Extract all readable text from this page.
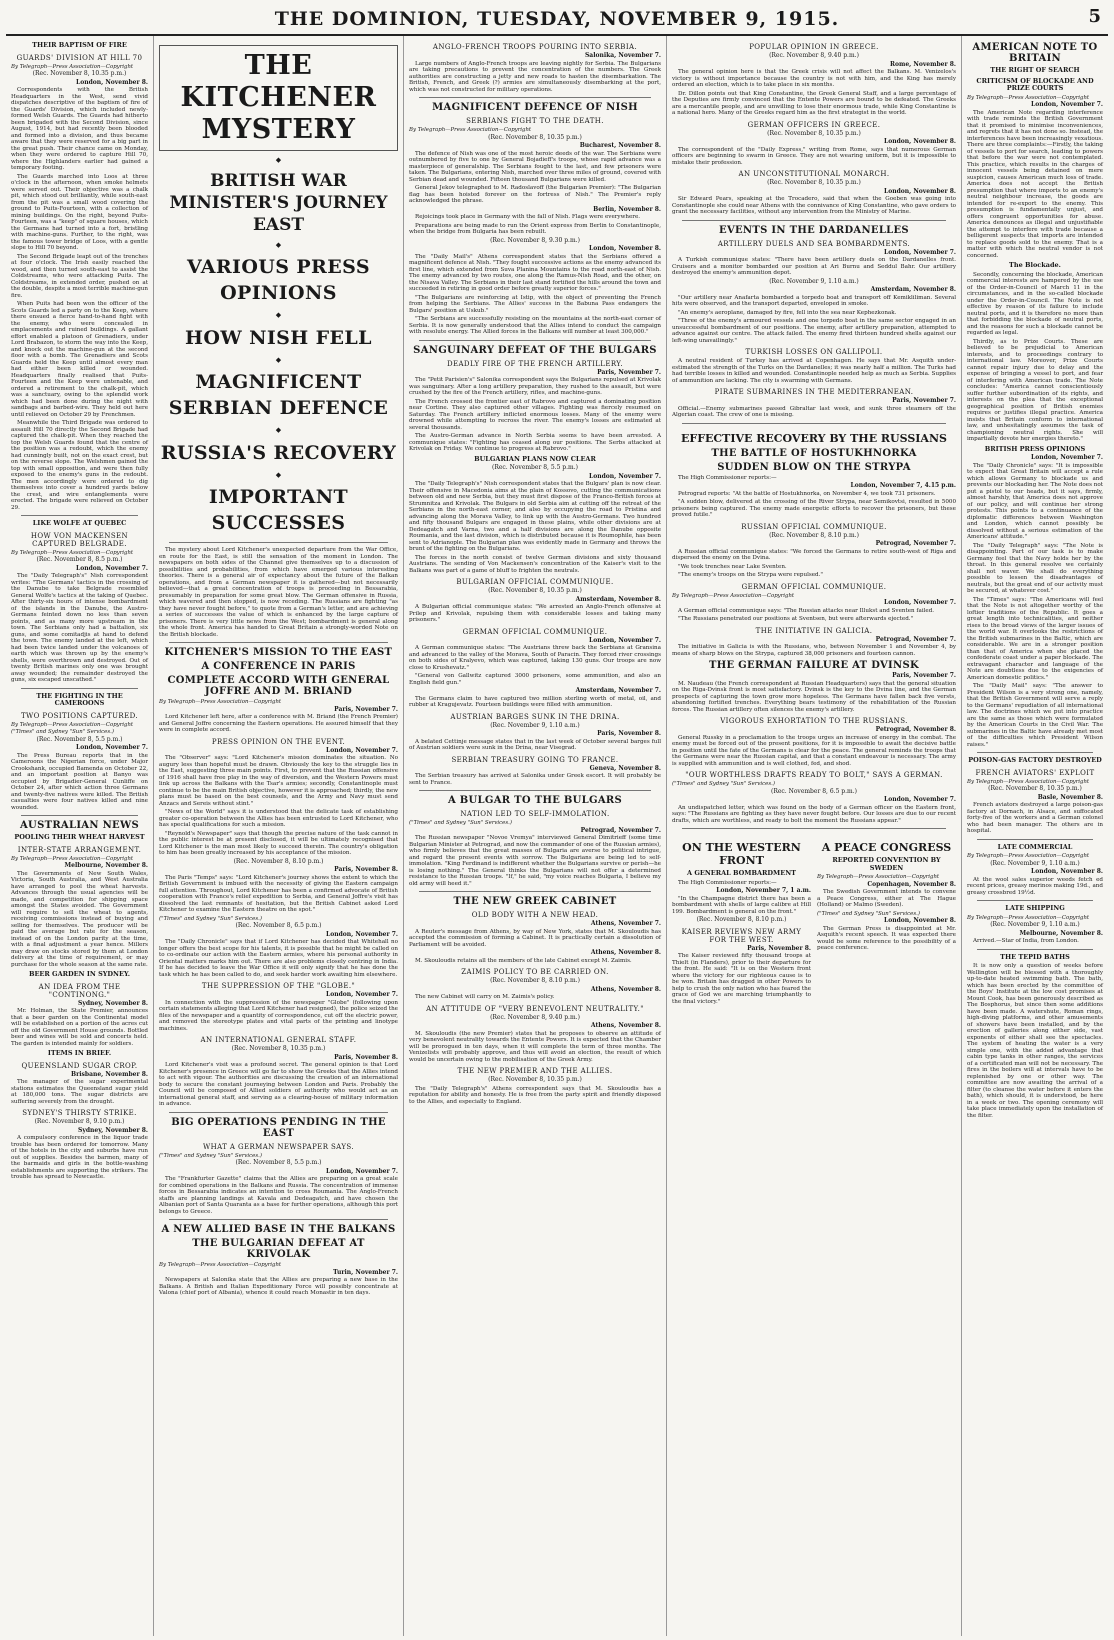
THE DOMINION, TUESDAY, NOVEMBER 9, 1915.	5
THEIR BAPTISM OF FIRE
GUARDS' DIVISION AT HILL 70
By Telegraph—Press Association—Copyright
(Rec. November 8, 10.35 p.m.)
London, November 8.

Correspondents with the British Headquarters in the West, send vivid dispatches descriptive of the baptism of fire of the Guards' Division, which included newly-formed Welsh Guards. The Guards had hitherto been brigaded with the Second Division, since August, 1914, but had recently been blooded and formed into a division, and thus became aware that they were reserved for a big part in the great push. Their chance came on Monday, when they were ordered to capture Hill 70, where the Highlanders earlier had gained a temporary footing.

The Guards marched into Loos at three o'clock in the afternoon, when smoke helmets were served out. Their objective was a chalk pit, which stood out brilliantly, while south-east from the pit was a small wood covering the ground to Puits-Fourteen, with a collection of mining buildings. On the right, beyond Puits-Fourteen, was a "keep" of square houses, which the Germans had turned into a fort, bristling with machine-guns. Further, to the right, was the famous tower bridge of Loos, with a gentle slope to Hill 70 beyond.

The Second Brigade leapt out of the trenches at four o'clock. The Irish easily reached the wood, and then turned south-east to assist the Coldstreams, who were attacking Puits. The Coldstreams, in extended order, pushed on at the double, despite a most terrible machine-gun fire.

When Puits had been won the officer of the Scots Guards led a party on to the Keep, where there ensued a fierce hand-to-hand fight with the enemy, who were concealed in emplacements and ruined buildings. A gallant effort enabled a platoon of Grenadiers, under Lord Brabazon, to storm the way into the Keep, and knock out the machine-gun at the second floor with a bomb. The Grenadiers and Scots Guards held the Keep until almost every man had either been killed or wounded. Headquarters finally realised that Puits-Fourteen and the Keep were untenable, and ordered a retirement to the chalk-pit, which was a sanctuary, owing to the splendid work which had been done during the night with sandbags and barbed-wire. They held out here until relieved on October 29 by Frenchmen.

Meanwhile the Third Brigade was ordered to assault Hill 70 directly the Second Brigade had captured the chalk-pit. When they reached the top the Welsh Guards found that the centre of the position was a redoubt, which the enemy had cunningly built, not on the exact crest, but on the reverse slope. The Welshmen gained the top with small opposition, and were then fully exposed to the enemy's guns in the redoubt. The men accordingly were ordered to dig themselves into cover a hundred yards below the crest, and wire entanglements were erected. The brigade were relieved on October 29.

LIKE WOLFE AT QUEBEC
HOW VON MACKENSEN CAPTURED BELGRADE.
By Telegraph—Press Association—Copyright
(Rec. November 8, 8.5 p.m.)
London, November 7.

The "Daily Telegraph's" Nish correspondent writes: "The Germans' tactics in the crossing of the Danube to take Belgrade resembled General Wolfe's tactics at the taking of Quebec. After thirty-six hours of intense bombardment of the islands in the Danube, the Austro-Germans feinted down no less than seven points, and as many more upstream in the town. The Serbians only had a battalion, six guns, and some comitadjis at hand to defend the town. The enemy landed at the left, which had been twice landed under the volcanoes of earth which was thrown up by the enemy's shells, were overthrown and destroyed. Out of twenty British marines only one was brought away wounded; the remainder destroyed the guns, six escaped unscathed."

THE FIGHTING IN THE CAMEROONS
TWO POSITIONS CAPTURED.
By Telegraph—Press Association—Copyright
("Times" and Sydney "Sun" Services.)
(Rec. November 8, 5.5 p.m.)
London, November 7.

The Press Bureau reports that in the Cameroons the Nigerian force, under Major Crookshank, occupied Bamenda on October 22, and an important position at Banyo was occupied by Brigadier-General Cunliffe on October 24, after which action three Germans and twenty-five natives were killed. The British casualties were four natives killed and nine wounded.

AUSTRALIAN NEWS
POOLING THEIR WHEAT HARVEST
INTER-STATE ARRANGEMENT.
By Telegraph—Press Association—Copyright
Melbourne, November 8.

The Governments of New South Wales, Victoria, South Australia, and West Australia have arranged to pool the wheat harvests. Advances through the usual agencies will be made, and competition for shipping space amongst the States avoided. The Government will require to sell the wheat to agents, receiving commissions instead of buying and selling for themselves. The producer will be paid the average but rate for the season, instead of on the London parity at the time, with a final adjustment a year hence. Millers may draw on stocks stored by them at London delivery at the time of requirement, or may purchase for the whole season at the same rate.

BEER GARDEN IN SYDNEY.
AN IDEA FROM THE "CONTINONG."
Sydney, November 8.

Mr. Holman, the State Premier, announces that a beer garden on the Continental model will be established on a portion of the acres cut off the old Government House grounds. Bottled beer and wines will be sold and concerts held. The garden is intended mainly for soldiers.

ITEMS IN BRIEF.
QUEENSLAND SUGAR CROP.
Brisbane, November 8.

The manager of the sugar experimental stations estimates the Queensland sugar yield at 180,000 tons. The sugar districts are suffering severely from the drought.

SYDNEY'S THIRSTY STRIKE.
(Rec. November 8, 9.10 p.m.)
Sydney, November 8.

A compulsory conference in the liquor trade trouble has been ordered for tomorrow. Many of the hotels in the city and suburbs have run out of supplies. Besides the barmen, many of the barmaids and girls in the bottle-washing establishments are supporting the strikers. The trouble has spread to Newcastle.

THE KITCHENER MYSTERY
◆
BRITISH WAR MINISTER'S JOURNEY EAST
◆
VARIOUS PRESS OPINIONS
◆
HOW NISH FELL
◆
MAGNIFICENT SERBIAN DEFENCE
◆
RUSSIA'S RECOVERY
◆
IMPORTANT SUCCESSES

The mystery about Lord Kitchener's unexpected departure from the War Office, en route for the East, is still the sensation of the moment in London. The newspapers on both sides of the Channel give themselves up to a discussion of possibilities and probabilities, from which have emerged various interesting theories. There is a general air of expectancy about the future of the Balkan operations, and from a German newspaper it is gathered—but not necessarily believed—that a great concentration of troops is proceeding in Bessarabia, presumably in preparation for some great blow. The German offensive in Russia, which wavered and then stopped, is now receding. The Russians are fighting "as they have never fought before," to quote from a German's letter, and are achieving a series of successes the value of which is enhanced by the large capture of prisoners. There is very little news from the West; bombardment is general along the whole front. America has handed to Great Britain a strongly-worded Note on the British blockade.

KITCHENER'S MISSION TO THE EAST
A CONFERENCE IN PARIS
COMPLETE ACCORD WITH GENERAL JOFFRE AND M. BRIAND
By Telegraph—Press Association—Copyright
Paris, November 7.

Lord Kitchener left here, after a conference with M. Briand (the French Premier) and General Joffre concerning the Eastern operations. He assured himself that they were in complete accord.

PRESS OPINION ON THE EVENT.
London, November 7.

The "Observer" says: "Lord Kitchener's mission dominates the situation. No augury less than hopeful must be drawn. Obviously the key to the struggle lies in the East, suggesting three main points. First, to prevent that the Russian offensive of 1916 shall have free play in the way of diversion, and the Western Powers must link up across the Balkans with the Tsar's armies; secondly, Constantinople must continue to be the main British objective, however it is approached; thirdly, the new plans must be based on the best counsels, and the Army and Navy must send Anzacs and Sereis without stint."

"News of the World" says it is understood that the delicate task of establishing greater co-operation between the Allies has been entrusted to Lord Kitchener, who has special qualifications for such a mission.

"Reynold's Newspaper" says that though the precise nature of the task cannot in the public interest be at present disclosed, it will be ultimately recognised that Lord Kitchener is the man most likely to succeed therein. The country's obligation to him has been greatly increased by his acceptance of the mission.

(Rec. November 8, 8.10 p.m.)
Paris, November 8.

The Paris "Temps" says: "Lord Kitchener's journey shows the extent to which the British Government is imbued with the necessity of giving the Eastern campaign full attention. Throughout, Lord Kitchener has been a confirmed advocate of British cooperation with France's relief expedition to Serbia, and General Joffre's visit has dissolved the last remnants of hesitation, but the British Cabinet asked Lord Kitchener to examine the Eastern theatre on the spot."

("Times" and Sydney "Sun" Services.)
(Rec. November 8, 6.5 p.m.)
London, November 7.

The "Daily Chronicle" says that if Lord Kitchener has decided that Whitehall no longer offers the best scope for his talents, it is possible that he might be called on to co-ordinate our action with the Eastern armies, where his personal authority in Oriental matters marks him out. There are also problems closely centring in India. If he has decided to leave the War Office it will only signify that he has done the task which he has been called to do, and seek harder work awaiting him elsewhere.

THE SUPPRESSION OF THE "GLOBE."
London, November 7.

In connection with the suppression of the newspaper "Globe" (following upon certain statements alleging that Lord Kitchener had resigned), the police seized the files of the newspaper and a quantity of correspondence, cut off the electric power, and removed the stereotype plates and vital parts of the printing and linotype machines.

AN INTERNATIONAL GENERAL STAFF.
(Rec. November 8, 10.35 p.m.)
Paris, November 8.

Lord Kitchener's visit was a profound secret. The general opinion is that Lord Kitchener's presence in Greece will go far to show the Greeks that the Allies intend to act with vigour. The authorities are discussing the creation of an international body to secure the constant journeying between London and Paris. Probably the Council will be composed of Allied soldiers of authority who would act as an international general staff, and serving as a clearing-house of military information in advance.

BIG OPERATIONS PENDING IN THE EAST
WHAT A GERMAN NEWSPAPER SAYS.
("Times" and Sydney "Sun" Services.)
(Rec. November 8, 5.5 p.m.)
London, November 7.

The "Frankfurter Gazette" claims that the Allies are preparing on a great scale for combined operations in the Balkans and Russia. The concentration of immense forces in Bessarabia indicates an intention to cross Roumania. The Anglo-French staffs are planning landings at Kavala and Dedeagatch, and have chosen the Albanian port of Santa Quaranta as a base for further operations, although this port belongs to Greece.

A NEW ALLIED BASE IN THE BALKANS
THE BULGARIAN DEFEAT AT KRIVOLAK
By Telegraph—Press Association—Copyright
Turin, November 7.

Newspapers at Salonika state that the Allies are preparing a new base in the Balkans. A British and Italian Expeditionary Force will possibly concentrate at Valona (chief port of Albania), whence it could reach Monastir in ten days.

ANGLO-FRENCH TROOPS POURING INTO SERBIA.
Salonika, November 7.

Large numbers of Anglo-French troops are leaving nightly for Serbia. The Bulgarians are taking precautions to prevent the concentration of the numbers. The Greek authorities are constructing a jetty and new roads to hasten the disembarkation. The British, French, and Greek (?) armies are simultaneously disembarking at the port, which was not constructed for military operations.

MAGNIFICENT DEFENCE OF NISH
SERBIANS FIGHT TO THE DEATH.
By Telegraph—Press Association—Copyright
(Rec. November 8, 10.35 p.m.)
Bucharest, November 8.

The defence of Nish was one of the most heroic deeds of the war. The Serbians were outnumbered by five to one by General Bojadieff's troops, whose rapid advance was a masterpiece of generalship. The Serbians fought to the last, and few prisoners were taken. The Bulgarians, entering Nish, marched over three miles of ground, covered with Serbian dead and wounded. Fifteen thousand Bulgarians were killed.

General Jekov telegraphed to M. Radoslavoff (the Bulgarian Premier): "The Bulgarian flag has been hoisted forever on the fortress of Nish." The Premier's reply acknowledged the phrase.

Berlin, November 8.

Rejoicings took place in Germany with the fall of Nish. Flags were everywhere.

Preparations are being made to run the Orient express from Berlin to Constantinople, when the bridge from Bulgaria has been rebuilt.

(Rec. November 8, 9.30 p.m.)
London, November 8.

The "Daily Mail's" Athens correspondent states that the Serbians offered a magnificent defence at Nish. "They fought successive actions as the enemy advanced its first line, which extended from Suva Planina Mountains to the road north-east of Nish. The enemy advanced by two routes, one along the Ramus-Nish Road, and the other, on the Nisava Valley. The Serbians in their last stand fortified the hills around the town and succeeded in retiring in good order before greatly superior forces."

"The Bulgarians are reinforcing at Istip, with the object of preventing the French from helping the Serbians. The Allies' success in the Babuna Pass endangers the Bulgars' position at Uskub."

"The Serbians are successfully resisting on the mountains at the north-east corner of Serbia. It is now generally understood that the Allies intend to conduct the campaign with resolute energy. The Allied forces in the Balkans will number at least 300,000."

SANGUINARY DEFEAT OF THE BULGARS
DEADLY FIRE OF THE FRENCH ARTILLERY.
Paris, November 7.

The "Petit Parisien's" Salonika correspondent says the Bulgarians repulsed at Krivolak was sanguinary. After a long artillery preparation, they rushed to the assault, but were crushed by the fire of the French artillery, rifles, and machine-guns.

The French crossed the frontier east of Rabrovo and captured a dominating position near Cortine. They also captured other villages. Fighting was fiercely resumed on Saturday. The French artillery inflicted enormous losses. Many of the enemy were drowned while attempting to recross the river. The enemy's losses are estimated at several thousands.

The Austro-German advance in North Serbia seems to have been arrested. A communique states: "Fighting has ceased along our positions. The Serbs attacked at Krivolak on Friday. We continue to progress at Rabrovo."

BULGARIAN PLANS NOW CLEAR
(Rec. November 8, 5.5 p.m.)
London, November 7.

The "Daily Telegraph's" Nish correspondent states that the Bulgars' plan is now clear. Their offensive in Macedonia aims at the plain of Kossovo, cutting the communications between old and new Serbia, but they must first dispose of the Franco-British forces at Strumnitza and Krivolak. The Bulgars in old Serbia aim at cutting off the retreat of the Serbians in the north-east corner, and also by occupying the road to Pristina and advancing along the Morava Valley, to link up with the Austro-Germans. Two hundred and fifty thousand Bulgars are engaged in these plains, while other divisions are at Dedeagatch and Varna, two and a half divisions are along the Danube opposite Roumania, and the last division, which is distributed because it is Roumophile, has been sent to Adrianople. The Bulgarian plan was evidently made in Germany and throws the brunt of the fighting on the Bulgarians.

The forces in the north consist of twelve German divisions and sixty thousand Austrians. The sending of Von Mackensen's concentration of the Kaiser's visit to the Balkans was part of a game of bluff to frighten the neutrals.

BULGARIAN OFFICIAL COMMUNIQUE.
(Rec. November 8, 10.35 p.m.)
Amsterdam, November 8.

A Bulgarian official communique states: "We arrested an Anglo-French offensive at Prilep and Krivolak, repulsing them with considerable losses and taking many prisoners."

GERMAN OFFICIAL COMMUNIQUE.
London, November 7.

A German communique states: "The Austrians threw back the Serbians at Gransina and advanced to the valley of the Morava, South of Paracin. They forced river crossings on both sides of Kralyevo, which was captured, taking 130 guns. Our troops are now close to Krushevatz."

"General von Gallwitz captured 3000 prisoners, some ammunition, and also an English field gun."

Amsterdam, November 7.

The Germans claim to have captured two million sterling worth of metal, oil, and rubber at Kragujevatz. Fourteen buildings were filled with ammunition.

AUSTRIAN BARGES SUNK IN THE DRINA.
(Rec. November 9, 1.10 a.m.)
Paris, November 8.

A belated Cettinje message states that in the last week of October several barges full of Austrian soldiers were sunk in the Drina, near Visegrad.

SERBIAN TREASURY GOING TO FRANCE.
Geneva, November 8.

The Serbian treasury has arrived at Salonika under Greek escort. It will probably be sent to France.

A BULGAR TO THE BULGARS
NATION LED TO SELF-IMMOLATION.
("Times" and Sydney "Sun" Services.)
Petrograd, November 7.

The Russian newspaper "Novoe Vremya" interviewed General Dimitrieff (some time Bulgarian Minister at Petrograd, and now the commander of one of the Russian armies), who firmly believes that the great masses of Bulgaria are averse to political intrigue, and regard the present events with sorrow. The Bulgarians are being led to self-immolation. "King Ferdinand is indifferent whether the Bulgarians survive or perish—he is losing nothing." The General thinks the Bulgarians will not offer a determined resistance to the Russian troops. "If," he said, "my voice reaches Bulgaria, I believe my old army will heed it."

THE NEW GREEK CABINET
OLD BODY WITH A NEW HEAD.
Athens, November 7.

A Reuter's message from Athens, by way of New York, states that M. Skouloudis has accepted the commission of forming a Cabinet. It is practically certain a dissolution of Parliament will be avoided.

Athens, November 8.

M. Skouloudis retains all the members of the late Cabinet except M. Zaimis.

ZAIMIS POLICY TO BE CARRIED ON.
(Rec. November 8, 8.10 p.m.)
Athens, November 8.

The new Cabinet will carry on M. Zaimis's policy.

AN ATTITUDE OF "VERY BENEVOLENT NEUTRALITY."
(Rec. November 8, 9.40 p.m.)
Athens, November 8.

M. Skouloudis (the new Premier) states that he proposes to observe an attitude of very benevolent neutrality towards the Entente Powers. It is expected that the Chamber will be prorogued in ten days, when it will complete the term of three months. The Venizelists will probably approve, and thus will avoid an election, the result of which would be uncertain owing to the mobilisation of the Greek Army.

THE NEW PREMIER AND THE ALLIES.
(Rec. November 8, 10.35 p.m.)

The "Daily Telegraph's" Athens correspondent says that M. Skouloudis has a reputation for ability and honesty. He is free from the party spirit and friendly disposed to the Allies, and especially to England.

POPULAR OPINION IN GREECE.
(Rec. November 8, 9.40 p.m.)
Rome, November 8.

The general opinion here is that the Greek crisis will not affect the Balkans. M. Venizelos's victory is without importance because the country is not with him, and the King has merely ordered an election, which is to take place in six months.

Dr. Dillon points out that King Constantine, the Greek General Staff, and a large percentage of the Deputies are firmly convinced that the Entente Powers are bound to be defeated. The Greeks are a mercantile people, and are unwilling to lose their enormous trade, while King Constantine is a national hero. Many of the Greeks regard him as the first strategist in the world.

GERMAN OFFICERS IN GREECE.
(Rec. November 8, 10.35 p.m.)
London, November 8.

The correspondent of the "Daily Express," writing from Rome, says that numerous German officers are beginning to swarm in Greece. They are not wearing uniform, but it is impossible to mistake their profession.

AN UNCONSTITUTIONAL MONARCH.
(Rec. November 8, 10.35 p.m.)
London, November 8.

Sir Edward Pears, speaking at the Trocadero, said that when the Goeben was going into Constantinople she could near Athens with the connivance of King Constantine, who gave orders to grant the necessary facilities, without any intervention from the Ministry of Marine.

EVENTS IN THE DARDANELLES
ARTILLERY DUELS AND SEA BOMBARDMENTS.
London, November 7.

A Turkish communique states: "There have been artillery duels on the Dardanelles front. Cruisers and a monitor bombarded our position at Ari Burnu and Seddul Bahr. Our artillery destroyed the enemy's ammunition depot.

(Rec. November 9, 1.10 a.m.)
Amsterdam, November 8.

"Our artillery near Anafarta bombarded a torpedo boat and transport off Kemikliliman. Several hits were observed, and the transport departed, enveloped in smoke.

"An enemy's aeroplane, damaged by fire, fell into the sea near Kephezkonak.

"Three of the enemy's armoured vessels and one torpedo boat in the same sector engaged in an unsuccessful bombardment of our positions. The enemy, after artillery preparation, attempted to advance against our centre. The attack failed. The enemy fired thirteen hundred shells against our left-wing unavailingly."

TURKISH LOSSES ON GALLIPOLI.

A neutral resident of Turkey has arrived at Copenhagen. He says that Mr. Asquith under-estimated the strength of the Turks on the Dardanelles; it was nearly half a million. The Turks had had terrible losses in killed and wounded. Constantinople needed help as much as Serbia. Supplies of ammunition are lacking. The city is swarming with Germans.

PIRATE SUBMARINES IN THE MEDITERRANEAN.
Paris, November 7.

Official.—Enemy submarines passed Gibraltar last week, and sunk three steamers off the Algerian coast. The crew of one is missing.

EFFECTIVE RECOVERY BY THE RUSSIANS
THE BATTLE OF HOSTUKHNORKA
SUDDEN BLOW ON THE STRYPA

The High Commissioner reports:—

London, November 7, 4.15 p.m.

Petrograd reports: "At the battle of Hostukhnorka, on November 4, we took 731 prisoners.

"A sudden blow, delivered at the crossing of the River Strypa, near Semikovtsi, resulted in 5000 prisoners being captured. The enemy made energetic efforts to recover the prisoners, but these proved futile."

RUSSIAN OFFICIAL COMMUNIQUE.
(Rec. November 8, 8.10 p.m.)
Petrograd, November 7.

A Russian official communique states: "We forced the Germans to retire south-west of Riga and dispersed the enemy on the Dvina.

"We took trenches near Lake Sventen.

"The enemy's troops on the Strypa were repulsed."

GERMAN OFFICIAL COMMUNIQUE.
By Telegraph—Press Association—Copyright
London, November 7.

A German official communique says: "The Russian attacks near Illukst and Sventen failed.

"The Russians penetrated our positions at Sventsen, but were afterwards ejected."

THE INITIATIVE IN GALICIA.
Petrograd, November 7.

The initiative in Galicia is with the Russians, who, between November 1 and November 4, by means of sharp blows on the Strypa, captured 38,000 prisoners and fourteen cannon.

THE GERMAN FAILURE AT DVINSK
Paris, November 7.

M. Naudeau (the French correspondent at Russian Headquarters) says that the general situation on the Riga-Dvinsk front is most satisfactory. Dvinsk is the key to the Dvina line, and the German prospects of capturing the town grow more hopeless. The Germans have fallen back five versts, abandoning fortified trenches. Everything bears testimony of the rehabilitation of the Russian forces. The Russian artillery often silences the enemy's artillery.

VIGOROUS EXHORTATION TO THE RUSSIANS.
Petrograd, November 8.

General Russky in a proclamation to the troops urges an increase of energy in the combat. The enemy must be forced out of the present positions, for it is impossible to await the decisive battle in position until the fate of the Germans is clear for the peace. The general reminds the troops that the Germans were near the Russian capital, and that a constant endeavour is necessary. The army is supplied with ammunition and is well clothed, fed, and shod.

"OUR WORTHLESS DRAFTS READY TO BOLT," SAYS A GERMAN.
("Times" and Sydney "Sun" Services.)
(Rec. November 8, 6.5 p.m.)
London, November 7.

An undispatched letter, which was found on the body of a German officer on the Eastern front, says: "The Russians are fighting as they have never fought before. Our losses are due to our recent drafts, which are worthless, and ready to bolt the moment the Russians appear."

ON THE WESTERN FRONT
A GENERAL BOMBARDMENT

The High Commissioner reports:—

London, November 7, 1 a.m.

"In the Champagne district there has been a bombardment with shells of large calibre at Hill 199. Bombardment is general on the front."

(Rec. November 8, 8.10 p.m.)
KAISER REVIEWS NEW ARMY FOR THE WEST.
Paris, November 8.

The Kaiser reviewed fifty thousand troops at Thielt (in Flanders), prior to their departure for the front. He said: "It is on the Western front where the victory for our righteous cause is to be won. Britain has dragged in other Powers to help to crush the only nation who has feared the grace of God we are marching triumphantly to the final victory."

A PEACE CONGRESS
REPORTED CONVENTION BY SWEDEN
By Telegraph—Press Association—Copyright
Copenhagen, November 8.

The Swedish Government intends to convene a Peace Congress, either at The Hague (Holland) or Malmo (Sweden).

("Times" and Sydney "Sun" Services.)
London, November 8.

The German Press is disappointed at Mr. Asquith's recent speech. It was expected there would be some reference to the possibility of a peace conference.

AMERICAN NOTE TO BRITAIN
THE RIGHT OF SEARCH
CRITICISM OF BLOCKADE AND PRIZE COURTS
By Telegraph—Press Association—Copyright
London, November 7.

The American Note regarding interference with trade reminds the British Government that it promised to minimise inconveniences, and regrets that it has not done so. Instead, the interferences have been increasingly vexatious. There are three complaints:—Firstly, the taking of vessels to port for search, leading to powers that before the war were not contemplated. This practice, which results in the charges of innocent vessels being detained on mere suspicion, causes American much loss of trade. America does not accept the British presumption that where imports to an enemy's neutral neighbour increase, the goods are intended for re-export to the enemy. This presumption is fundamentally unjust, and offers congruent opportunities for abuse. America denounces as illegal and unjustifiable the attempt to interfere with trade because a belligerent suspects that imports are intended to replace goods sold to the enemy. That is a matter with which the neutral vendor is not concerned.

The Blockade.

Secondly, concerning the blockade, American commercial interests are hampered by the use of the Order-in-Council of March 11 in the circumstances, and in the so-called blockade under the Order-in-Council. The Note is not effective by reason of its failure to include neutral ports, and it is therefore no more than that forbidding the blockade of neutral ports, and the reasons for such a blockade cannot be regarded as legal.

Thirdly, as to Prize Courts. These are believed to be prejudicial to American interests, and to proceedings contrary to international law. Moreover, Prize Courts cannot repair injury due to delay and the expense of bringing a vessel to port, and fear of interfering with American trade. The Note concludes: "America cannot conscientiously suffer further subordination of its rights, and interests on the plea that the exceptional geographical position of British enemies requires or justifies illegal practice. America insists that Britain conform to international law, and unhesitatingly assumes the task of championing neutral rights. She will impartially devote her energies thereto."

BRITISH PRESS OPINIONS
London, November 7.

The "Daily Chronicle" says: "It is impossible to expect that Great Britain will accept a rule which allows Germany to blockade us and prevents our blockading her. The Note does not put a pistol to our heads, but it says, firmly, almost harshly, that America does not approve of our policy, and will continue her strong protests. This points to a continuance of the diplomatic differences between Washington and London, which cannot possibly be dissolved without a serious estimation of the Americans' attitude."

The "Daily Telegraph" says: "The Note is disappointing. Part of our task is to make Germany feel that the Navy holds her by the throat. In this general resolve we certainly shall not waver. We shall do everything possible to lessen the disadvantages of neutrals, but the great end of our activity must be secured, at whatever cost."

The "Times" says: "The Americans will feel that the Note is not altogether worthy of the loftier traditions of the Republic. It goes a great length into technicalities, and neither rises to the broad views of the larger issues of the world war. It overlooks the restrictions of the British submarines in the Baltic, which are considerable. We are in a stronger position than that of America when she placed the confederate coast under a paper blockade. The extravagant character and language of the Note are doubtless due to the exigencies of American domestic politics."

The "Daily Mail" says: "The answer to President Wilson is a very strong one, namely, that the British Government will serve a reply to the Germans' repudiation of all international law. The doctrines which we put into practice are the same as those which were formulated by the American Courts in the Civil War. The submarines in the Baltic have already met most of the difficulties which President Wilson raises."

POISON-GAS FACTORY DESTROYED
FRENCH AVIATORS' EXPLOIT
By Telegraph—Press Association—Copyright
(Rec. November 8, 10.35 p.m.)
Basle, November 8.

French aviators destroyed a large poison-gas factory at Dornach, in Alsace, and suffocated forty-five of the workers and a German colonel who had been manager. The others are in hospital.

LATE COMMERCIAL
By Telegraph—Press Association—Copyright
(Rec. November 9, 1.10 a.m.)
London, November 8.

At the wool sales superior weeds fetch ed recent prices, greasy merinos making 19d., and greasy crossbred 19½d.

LATE SHIPPING
By Telegraph—Press Association—Copyright
(Rec. November 9, 1.10 a.m.)
Melbourne, November 8.

Arrived.—Star of India, from London.

THE TEPID BATHS

It is now only a question of weeks before Wellington will be blessed with a thoroughly up-to-date heated swimming bath. The bath, which has been erected by the committee of the Boys' Institute at the low cost promises at Mount Cook, has been generously described as The Bosphorus, but since then some additions have been made. A watershute, Roman rings, high-diving platforms, and other amusements of showers have been installed, and by the erection of galleries along either side, vast exponents of either shall see the spectacles. The system of heating the water is a very simple one, with the added advantage that cabin type tanks in other ranges, the services of a certificated man will not be necessary. The fires in the boilers will at intervals have to be replenished by one or other way. The committee are now awaiting the arrival of a filter (to cleanse the water before it enters the bath), which should, it is understood, be here in a week or two. The opening ceremony will take place immediately upon the installation of the filter.
